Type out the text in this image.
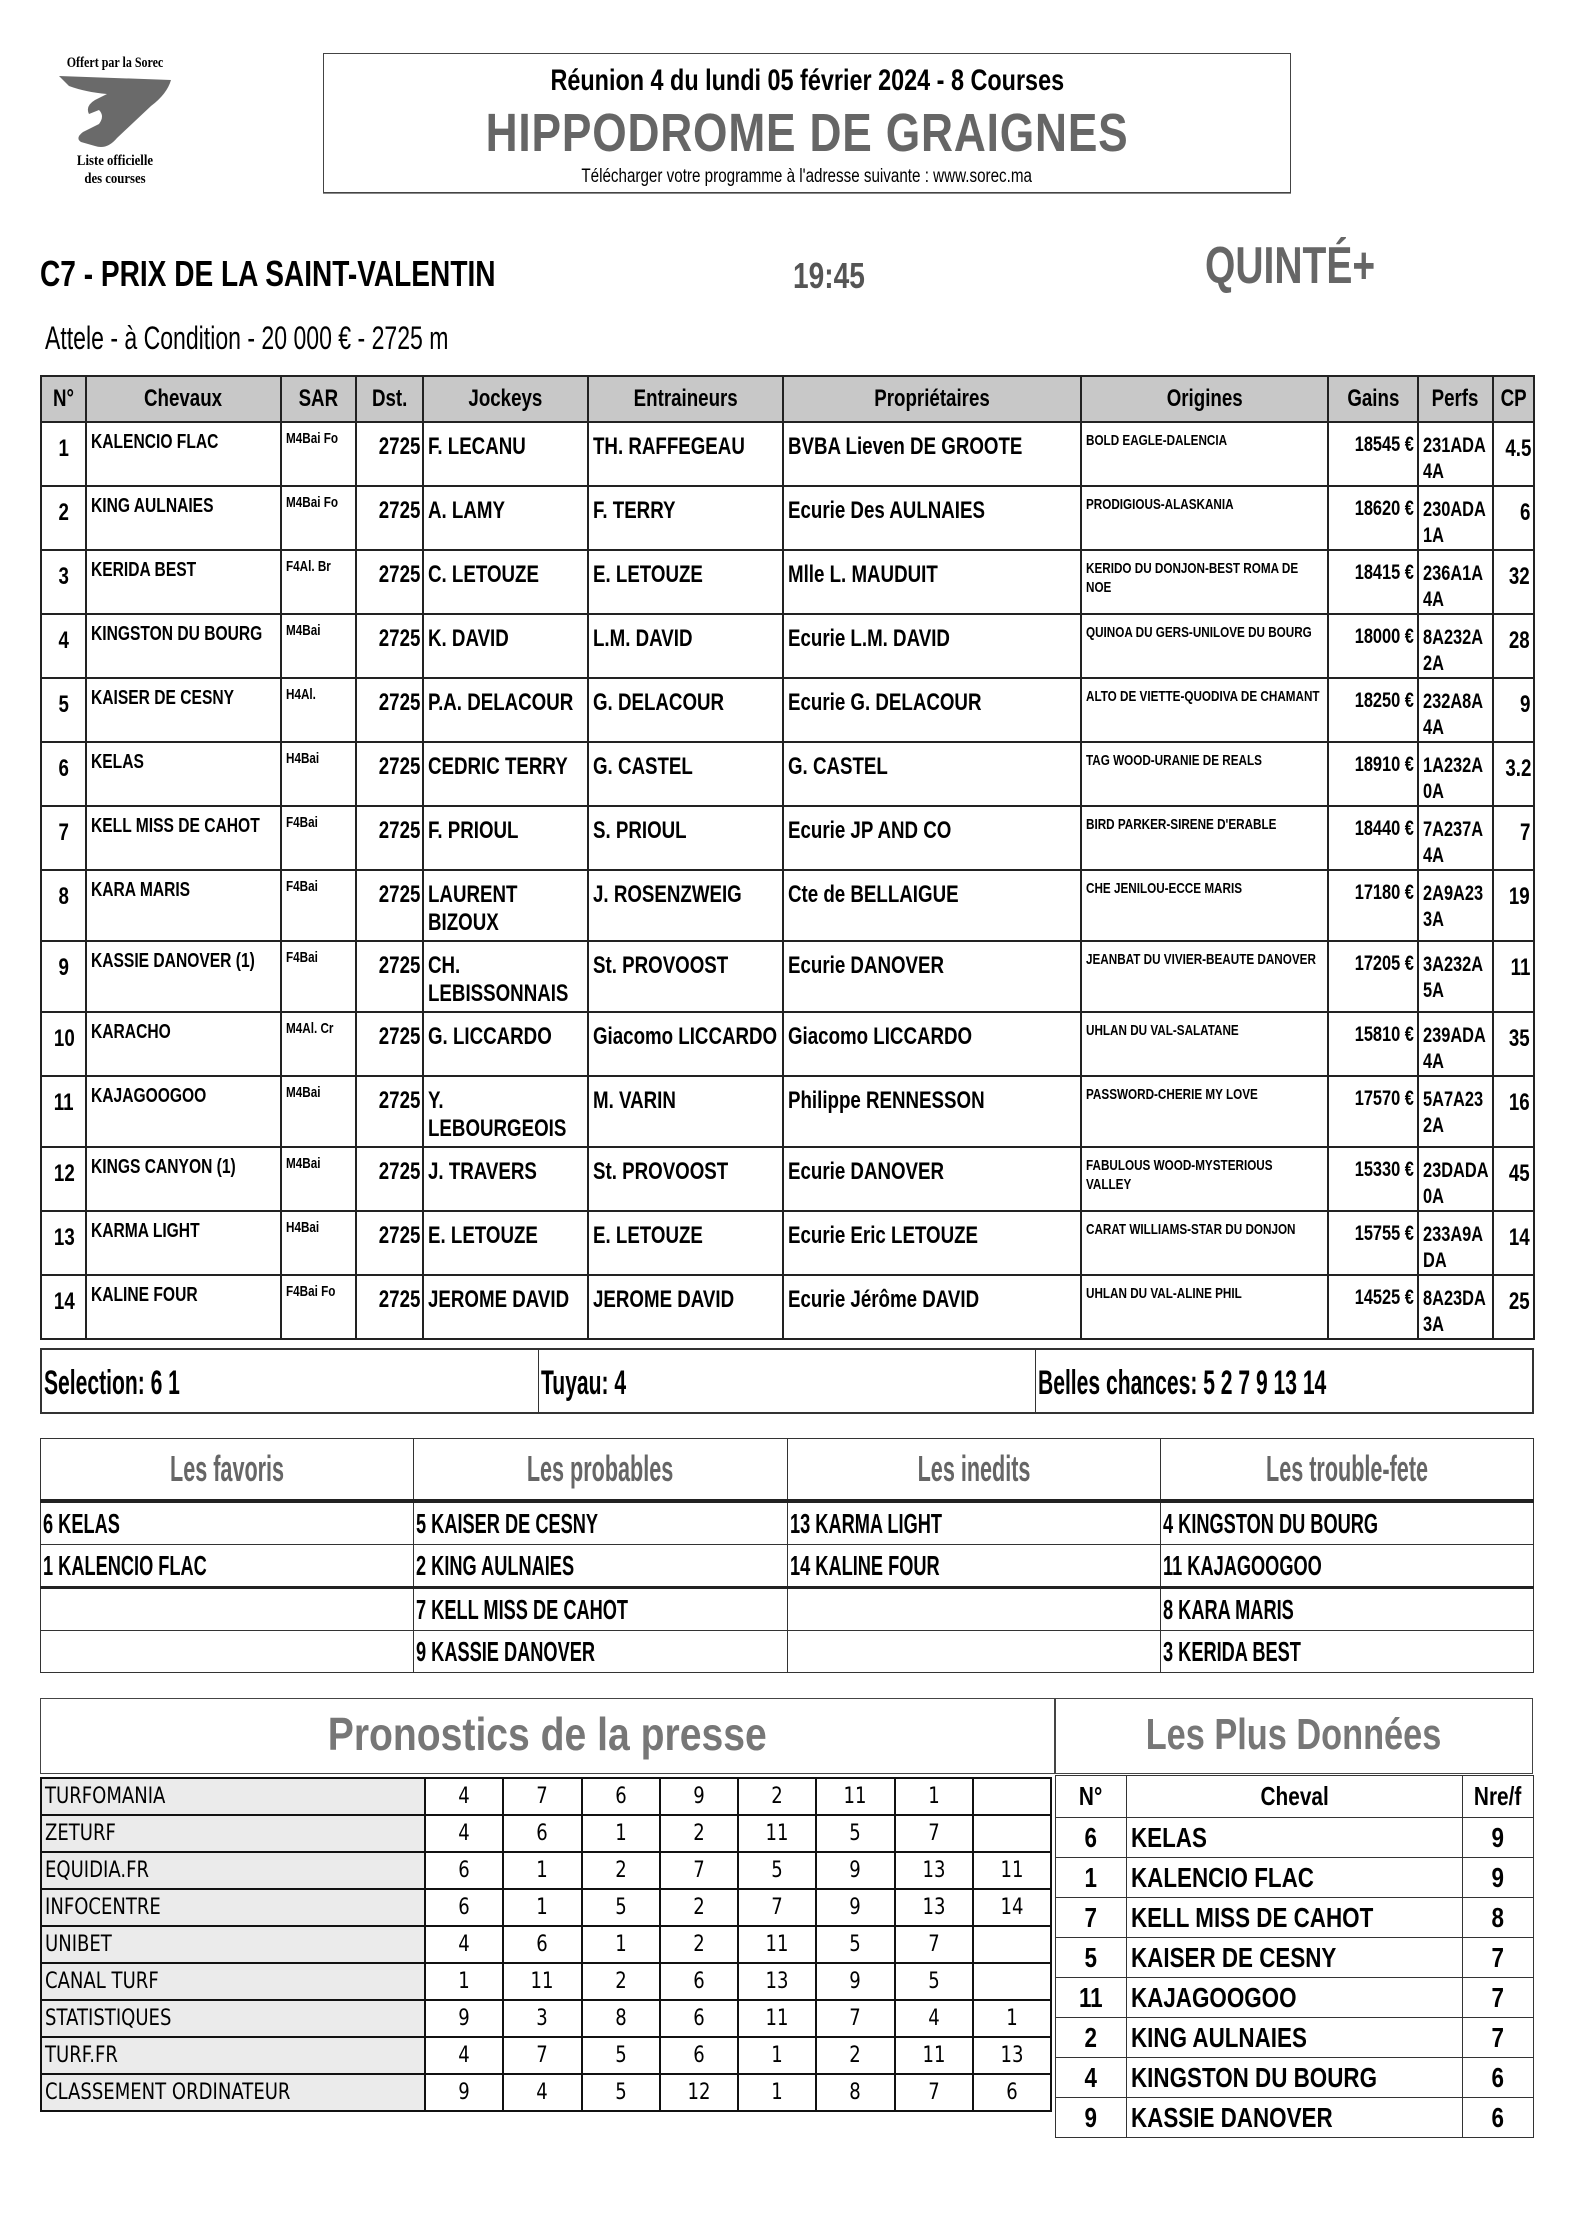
Offert par la Sorec
Liste officielle
des courses
Réunion 4 du lundi 05 février 2024 - 8 Courses
HIPPODROME DE GRAIGNES
Télécharger votre programme à l'adresse suivante : www.sorec.ma
C7 - PRIX DE LA SAINT-VALENTIN	19:45	QUINTÉ+
Attele - à Condition - 20 000 € - 2725 m
N°	Chevaux	SAR	Dst.	Jockeys	Entraineurs	Propriétaires	Origines	Gains	Perfs	CP
1	KALENCIO FLAC	M4Bai Fo	2725	F. LECANU	TH. RAFFEGEAU	BVBA Lieven DE GROOTE	BOLD EAGLE-DALENCIA	18545 €	231ADA 4A	4.5
2	KING AULNAIES	M4Bai Fo	2725	A. LAMY	F. TERRY	Ecurie Des AULNAIES	PRODIGIOUS-ALASKANIA	18620 €	230ADA 1A	6
3	KERIDA BEST	F4Al. Br	2725	C. LETOUZE	E. LETOUZE	Mlle L. MAUDUIT	KERIDO DU DONJON-BEST ROMA DE NOE	18415 €	236A1A 4A	32
4	KINGSTON DU BOURG	M4Bai	2725	K. DAVID	L.M. DAVID	Ecurie L.M. DAVID	QUINOA DU GERS-UNILOVE DU BOURG	18000 €	8A232A 2A	28
5	KAISER DE CESNY	H4Al.	2725	P.A. DELACOUR	G. DELACOUR	Ecurie G. DELACOUR	ALTO DE VIETTE-QUODIVA DE CHAMANT	18250 €	232A8A 4A	9
6	KELAS	H4Bai	2725	CEDRIC TERRY	G. CASTEL	G. CASTEL	TAG WOOD-URANIE DE REALS	18910 €	1A232A 0A	3.2
7	KELL MISS DE CAHOT	F4Bai	2725	F. PRIOUL	S. PRIOUL	Ecurie JP AND CO	BIRD PARKER-SIRENE D'ERABLE	18440 €	7A237A 4A	7
8	KARA MARIS	F4Bai	2725	LAURENT BIZOUX	J. ROSENZWEIG	Cte de BELLAIGUE	CHE JENILOU-ECCE MARIS	17180 €	2A9A23 3A	19
9	KASSIE DANOVER (1)	F4Bai	2725	CH. LEBISSONNAIS	St. PROVOOST	Ecurie DANOVER	JEANBAT DU VIVIER-BEAUTE DANOVER	17205 €	3A232A 5A	11
10	KARACHO	M4Al. Cr	2725	G. LICCARDO	Giacomo LICCARDO	Giacomo LICCARDO	UHLAN DU VAL-SALATANE	15810 €	239ADA 4A	35
11	KAJAGOOGOO	M4Bai	2725	Y. LEBOURGEOIS	M. VARIN	Philippe RENNESSON	PASSWORD-CHERIE MY LOVE	17570 €	5A7A23 2A	16
12	KINGS CANYON (1)	M4Bai	2725	J. TRAVERS	St. PROVOOST	Ecurie DANOVER	FABULOUS WOOD-MYSTERIOUS VALLEY	15330 €	23DADA 0A	45
13	KARMA LIGHT	H4Bai	2725	E. LETOUZE	E. LETOUZE	Ecurie Eric LETOUZE	CARAT WILLIAMS-STAR DU DONJON	15755 €	233A9A DA	14
14	KALINE FOUR	F4Bai Fo	2725	JEROME DAVID	JEROME DAVID	Ecurie Jérôme DAVID	UHLAN DU VAL-ALINE PHIL	14525 €	8A23DA 3A	25
Selection: 6 1	Tuyau: 4	Belles chances: 5 2 7 9 13 14
Les favoris	Les probables	Les inedits	Les trouble-fete
6 KELAS	5 KAISER DE CESNY	13 KARMA LIGHT	4 KINGSTON DU BOURG
1 KALENCIO FLAC	2 KING AULNAIES	14 KALINE FOUR	11 KAJAGOOGOO
	7 KELL MISS DE CAHOT		8 KARA MARIS
	9 KASSIE DANOVER		3 KERIDA BEST
Pronostics de la presse
TURFOMANIA	4	7	6	9	2	11	1	
ZETURF	4	6	1	2	11	5	7	
EQUIDIA.FR	6	1	2	7	5	9	13	11
INFOCENTRE	6	1	5	2	7	9	13	14
UNIBET	4	6	1	2	11	5	7	
CANAL TURF	1	11	2	6	13	9	5	
STATISTIQUES	9	3	8	6	11	7	4	1
TURF.FR	4	7	5	6	1	2	11	13
CLASSEMENT ORDINATEUR	9	4	5	12	1	8	7	6
Les Plus Données
N°	Cheval	Nre/f
6	KELAS	9
1	KALENCIO FLAC	9
7	KELL MISS DE CAHOT	8
5	KAISER DE CESNY	7
11	KAJAGOOGOO	7
2	KING AULNAIES	7
4	KINGSTON DU BOURG	6
9	KASSIE DANOVER	6
